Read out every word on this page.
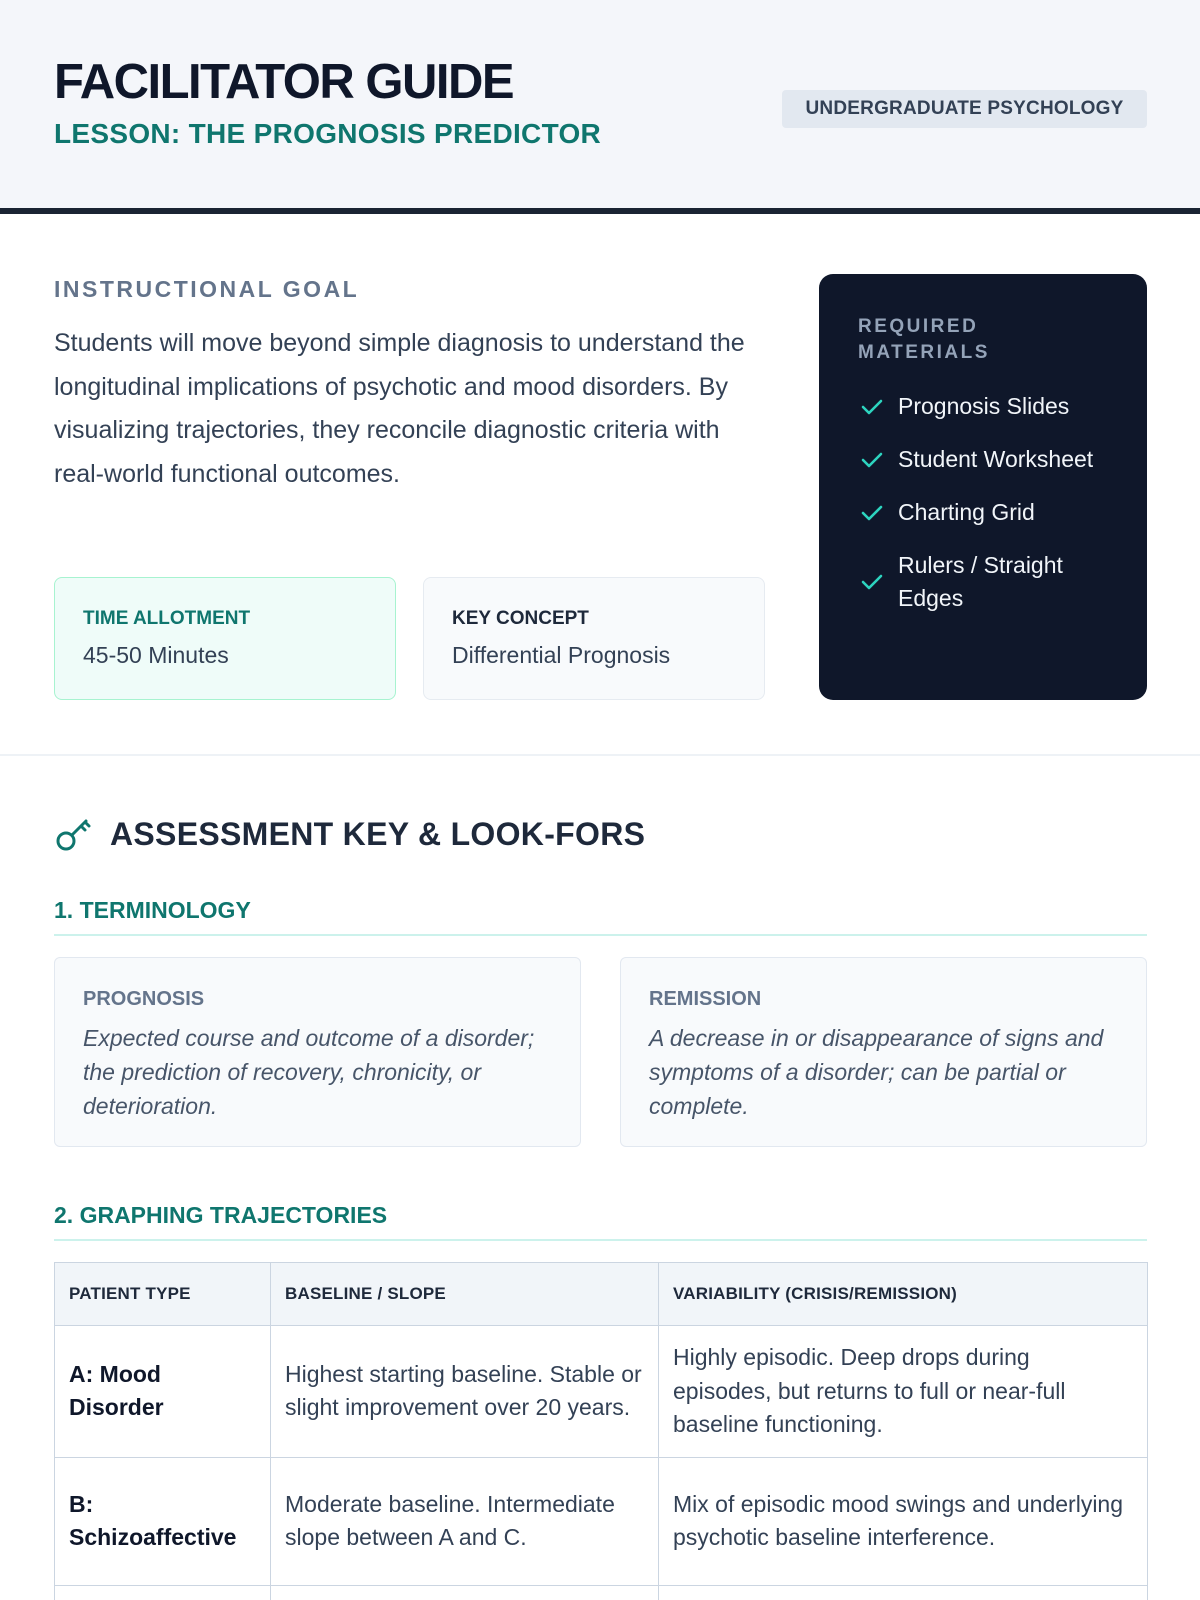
FACILITATOR GUIDE
LESSON: THE PROGNOSIS PREDICTOR
UNDERGRADUATE PSYCHOLOGY
INSTRUCTIONAL GOAL
Students will move beyond simple diagnosis to understand the longitudinal implications of psychotic and mood disorders. By visualizing trajectories, they reconcile diagnostic criteria with real-world functional outcomes.
TIME ALLOTMENT
45-50 Minutes
KEY CONCEPT
Differential Prognosis
REQUIRED MATERIALS
Prognosis Slides
Student Worksheet
Charting Grid
Rulers / Straight Edges
ASSESSMENT KEY & LOOK-FORS
1. TERMINOLOGY
PROGNOSIS
Expected course and outcome of a disorder; the prediction of recovery, chronicity, or deterioration.
REMISSION
A decrease in or disappearance of signs and symptoms of a disorder; can be partial or complete.
2. GRAPHING TRAJECTORIES
PATIENT TYPE	BASELINE / SLOPE	VARIABILITY (CRISIS/REMISSION)
A: Mood Disorder	Highest starting baseline. Stable or slight improvement over 20 years.	Highly episodic. Deep drops during episodes, but returns to full or near-full baseline functioning.
B: Schizoaffective	Moderate baseline. Intermediate slope between A and C.	Mix of episodic mood swings and underlying psychotic baseline interference.
